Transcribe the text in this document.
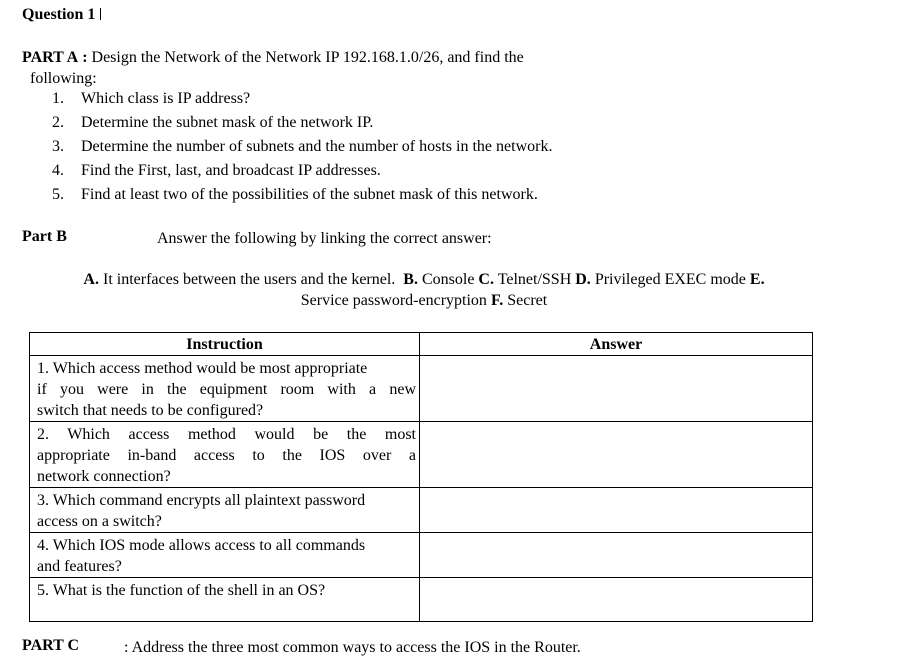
Question 1
PART A : Design the Network of the Network IP 192.168.1.0/26, and find the
following:
1. Which class is IP address?
2. Determine the subnet mask of the network IP.
3. Determine the number of subnets and the number of hosts in the network.
4. Find the First, last, and broadcast IP addresses.
5. Find at least two of the possibilities of the subnet mask of this network.
Part B	Answer the following by linking the correct answer:
A. It interfaces between the users and the kernel. B. Console C. Telnet/SSH D. Privileged EXEC mode E.
Service password-encryption F. Secret
Instruction	Answer

1. Which access method would be most appropriate
if you were in the equipment room with a new
switch that needs to be configured?	

2. Which access method would be the most
appropriate in-band access to the IOS over a
network connection?	

3. Which command encrypts all plaintext password
access on a switch?	

4. Which IOS mode allows access to all commands
and features?	

5. What is the function of the shell in an OS?	

PART C	: Address the three most common ways to access the IOS in the Router.
